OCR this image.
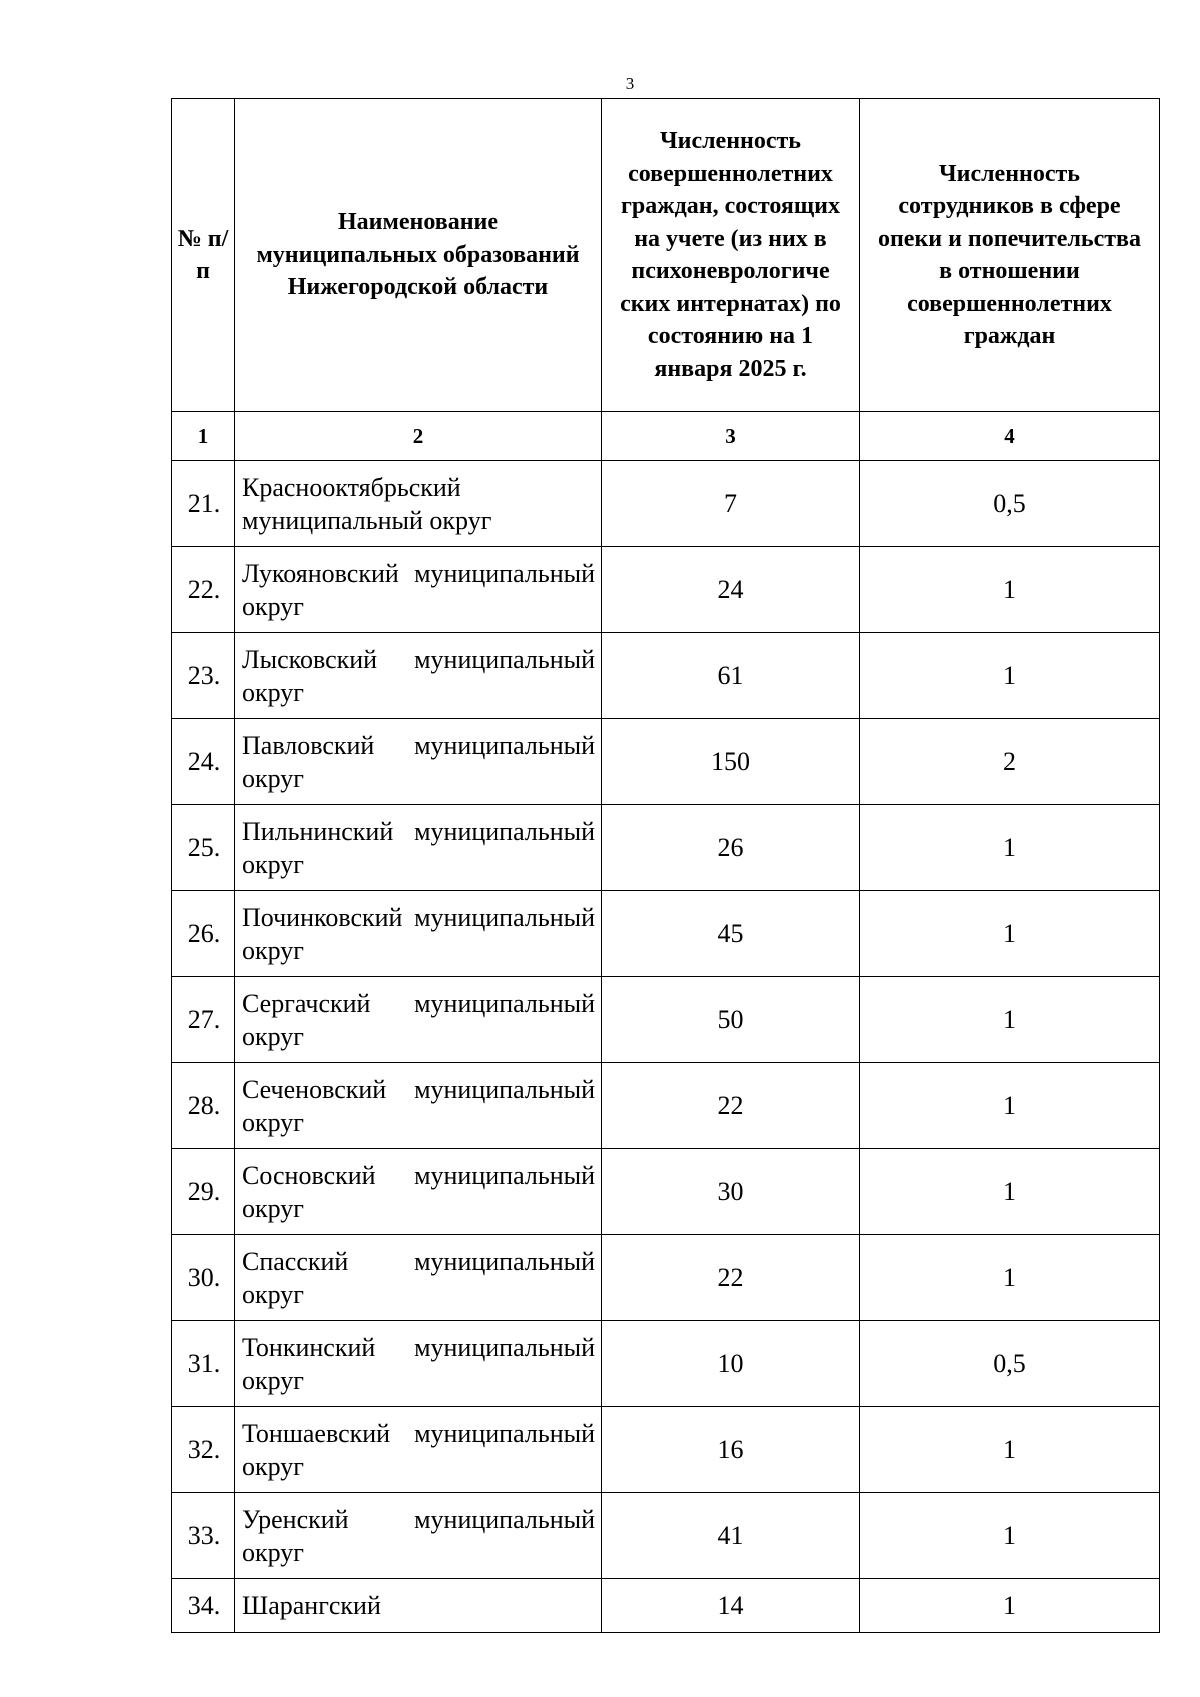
3
№ п/п	Наименование муниципальных образований Нижегородской области	Численность совершеннолетних граждан, состоящих на учете (из них в психоневрологиче ских интернатах) по состоянию на 1 января 2025 г.	Численность сотрудников в сфере опеки и попечительства в отношении совершеннолетних граждан

1	2	3	4
21.	Краснооктябрьский муниципальный округ	7	0,5
22.	Лукояновский муниципальный округ	24	1
23.	Лысковский муниципальный округ	61	1
24.	Павловский муниципальный округ	150	2
25.	Пильнинский муниципальный округ	26	1
26.	Починковский муниципальный округ	45	1
27.	Сергачский муниципальный округ	50	1
28.	Сеченовский муниципальный округ	22	1
29.	Сосновский муниципальный округ	30	1
30.	Спасский муниципальный округ	22	1
31.	Тонкинский муниципальный округ	10	0,5
32.	Тоншаевский муниципальный округ	16	1
33.	Уренский муниципальный округ	41	1
34.	Шарангский	14	1
